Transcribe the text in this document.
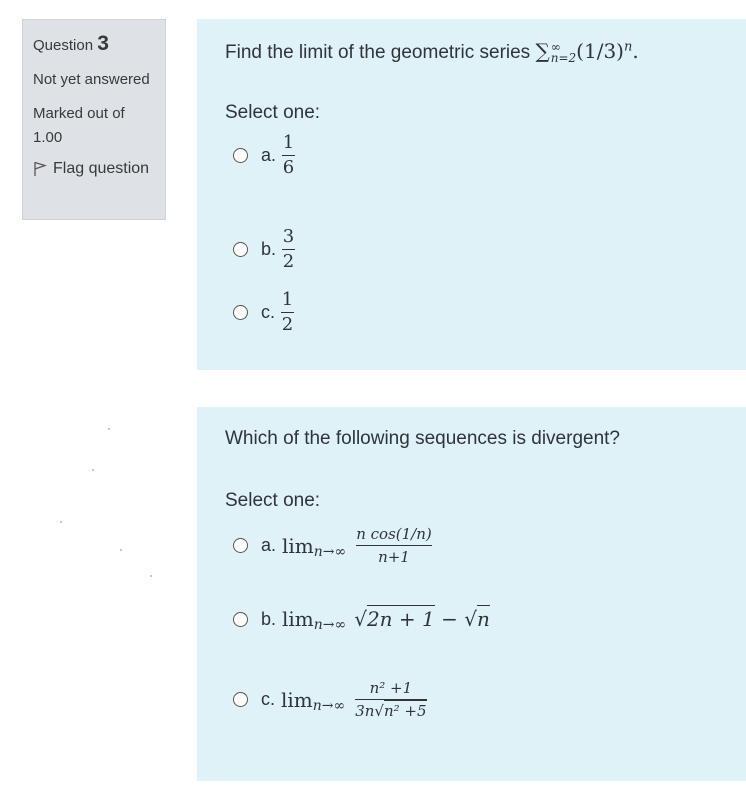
Question 3
Not yet answered
Marked out of 1.00
Flag question
Find the limit of the geometric series ∑ ∞
n=2 $(1/3)^n$.
Select one:
a. $\frac{1}{6}$
b. $\frac{3}{2}$
c. $\frac{1}{2}$
Which of the following sequences is divergent?
Select one:
a. lim n→∞
n cos(1/n)
n+1
b. lim n→∞ √2n + 1 − √n
c. lim n→∞
n² +1
3n√n² +5
